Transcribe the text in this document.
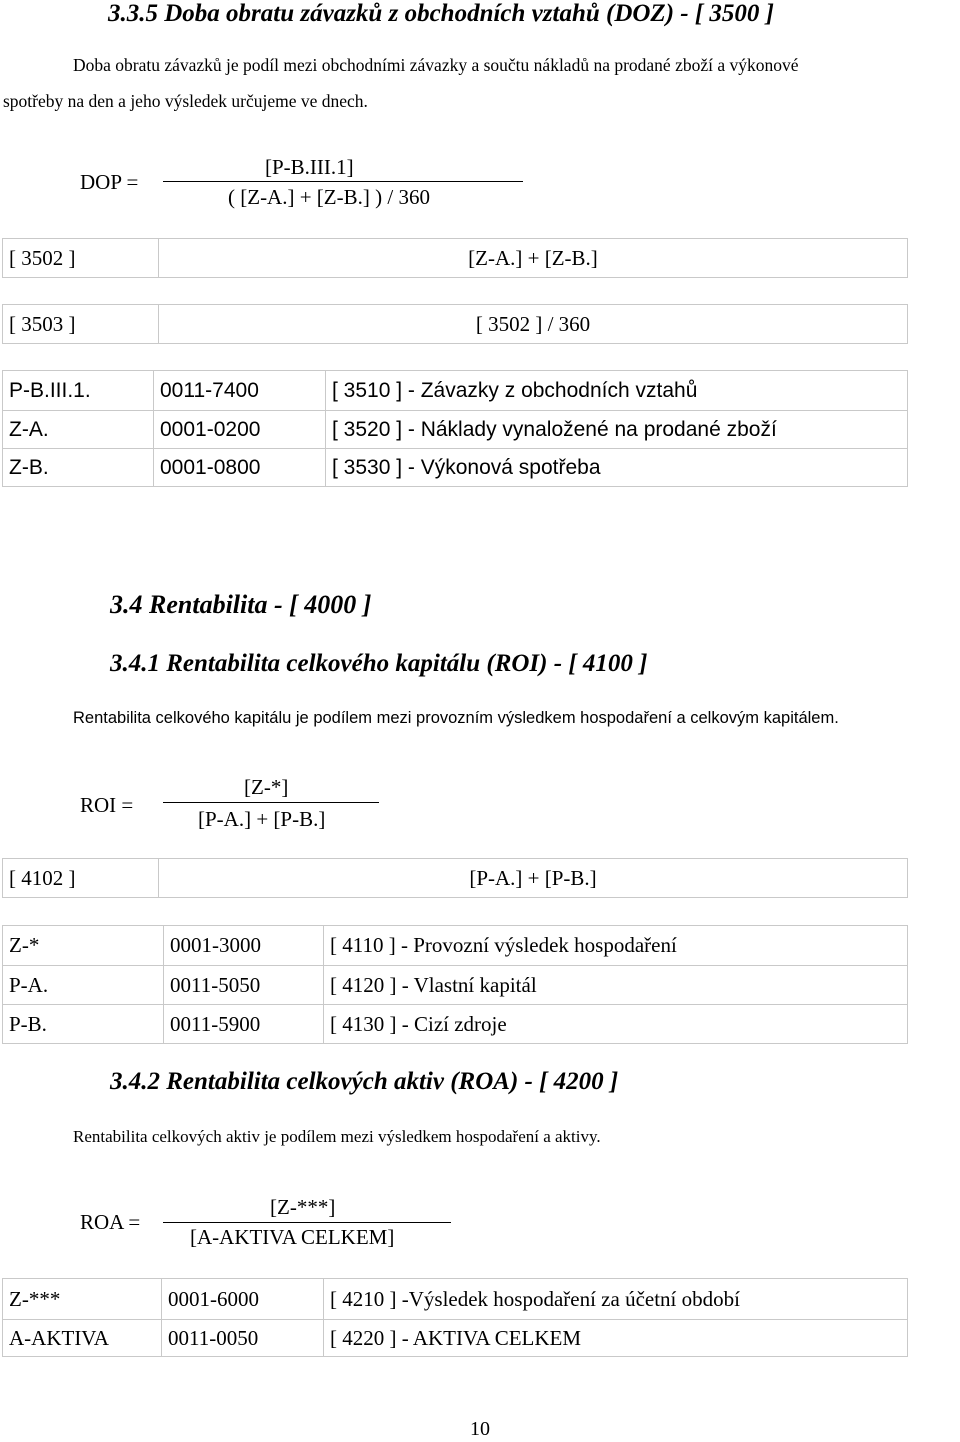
3.3.5 Doba obratu závazků z obchodních vztahů (DOZ) - [ 3500 ]
Doba obratu závazků je podíl mezi obchodními závazky a součtu nákladů na prodané zboží a výkonové
spotřeby na den a jeho výsledek určujeme ve dnech.
DOP =
[P-B.III.1]
( [Z-A.] + [Z-B.] ) / 360
[ 3502 ]	[Z-A.] + [Z-B.]
[ 3503 ]	[ 3502 ] / 360
P-B.III.1.	0011-7400	[ 3510 ] - Závazky z obchodních vztahů
Z-A.	0001-0200	[ 3520 ] - Náklady vynaložené na prodané zboží
Z-B.	0001-0800	[ 3530 ] - Výkonová spotřeba
3.4 Rentabilita - [ 4000 ]
3.4.1 Rentabilita celkového kapitálu (ROI) - [ 4100 ]
Rentabilita celkového kapitálu je podílem mezi provozním výsledkem hospodaření a celkovým kapitálem.
ROI =
[Z-*]
[P-A.] + [P-B.]
[ 4102 ]	[P-A.] + [P-B.]
Z-*	0001-3000	[ 4110 ] - Provozní výsledek hospodaření
P-A.	0011-5050	[ 4120 ] - Vlastní kapitál
P-B.	0011-5900	[ 4130 ] - Cizí zdroje
3.4.2 Rentabilita celkových aktiv (ROA) - [ 4200 ]
Rentabilita celkových aktiv je podílem mezi výsledkem hospodaření a aktivy.
ROA =
[Z-***]
[A-AKTIVA CELKEM]
Z-***	0001-6000	[ 4210 ] -Výsledek hospodaření za účetní období
A-AKTIVA	0011-0050	[ 4220 ] - AKTIVA CELKEM
10
